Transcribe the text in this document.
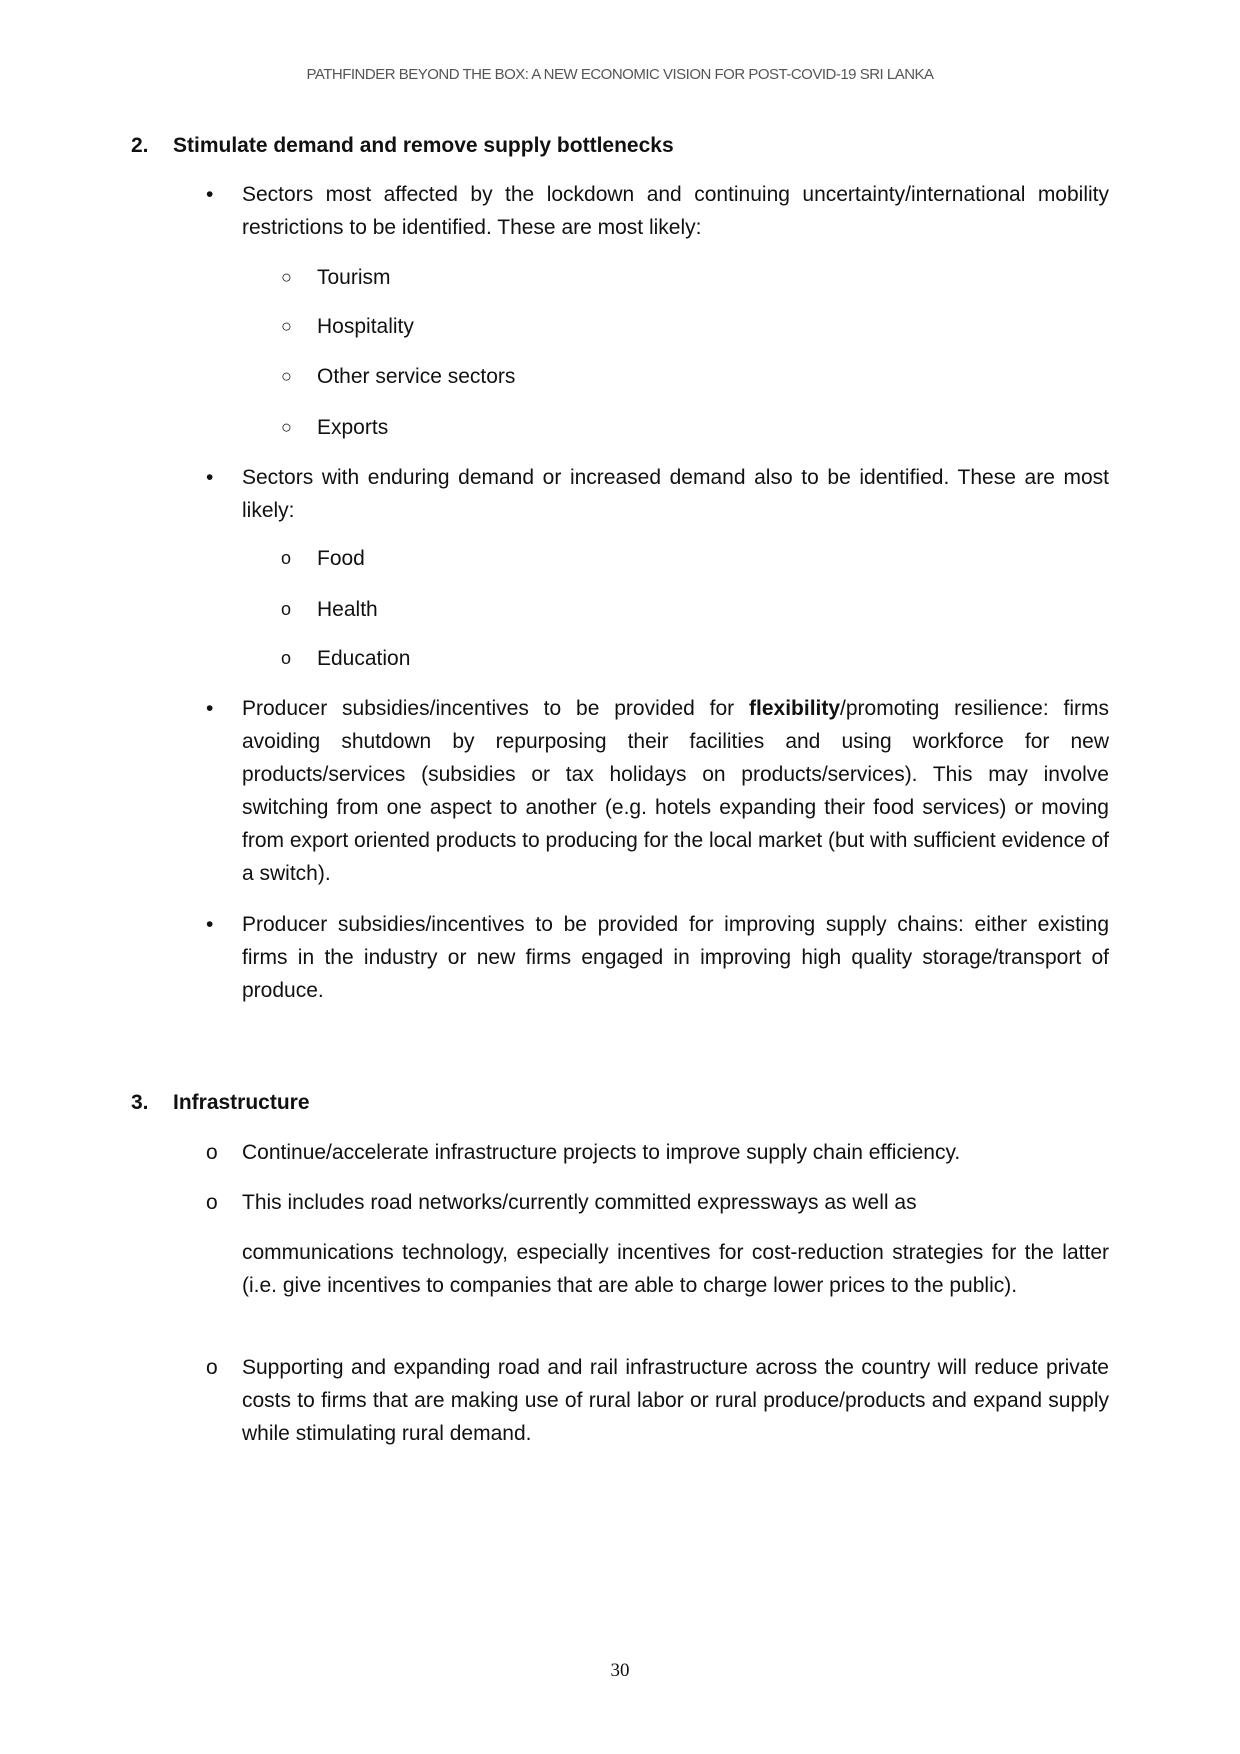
PATHFINDER BEYOND THE BOX: A NEW ECONOMIC VISION FOR POST-COVID-19 SRI LANKA
2. Stimulate demand and remove supply bottlenecks
• Sectors most affected by the lockdown and continuing uncertainty/international mobility restrictions to be identified. These are most likely:
○ Tourism
○ Hospitality
○ Other service sectors
○ Exports
• Sectors with enduring demand or increased demand also to be identified. These are most likely:
o Food
o Health
o Education
• Producer subsidies/incentives to be provided for flexibility/promoting resilience: firms avoiding shutdown by repurposing their facilities and using workforce for new products/services (subsidies or tax holidays on products/services). This may involve switching from one aspect to another (e.g. hotels expanding their food services) or moving from export oriented products to producing for the local market (but with sufficient evidence of a switch).
• Producer subsidies/incentives to be provided for improving supply chains: either existing firms in the industry or new firms engaged in improving high quality storage/transport of produce.
3. Infrastructure
o Continue/accelerate infrastructure projects to improve supply chain efficiency.
o This includes road networks/currently committed expressways as well as
communications technology, especially incentives for cost-reduction strategies for the latter (i.e. give incentives to companies that are able to charge lower prices to the public).
o Supporting and expanding road and rail infrastructure across the country will reduce private costs to firms that are making use of rural labor or rural produce/products and expand supply while stimulating rural demand.
30
